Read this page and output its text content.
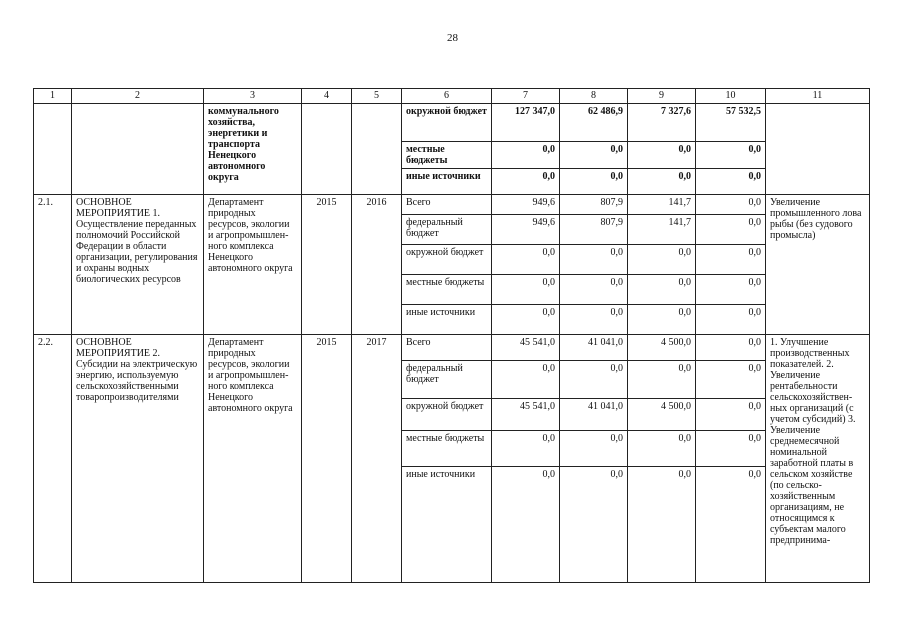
28
1	2	3	4	5	6	7	8	9	10	11
		коммунального хозяйства, энергетики и транспорта Ненецкого автономного округа			окружной бюджет	127 347,0	62 486,9	7 327,6	57 532,5	
					местные бюджеты	0,0	0,0	0,0	0,0	
					иные источники	0,0	0,0	0,0	0,0	
2.1.	ОСНОВНОЕ МЕРОПРИЯТИЕ 1. Осуществление переданных полномочий Российской Федерации в области организации, регулирования и охраны водных биологических ресурсов	Департамент природных ресурсов, экологии и агропромышлен-ного комплекса Ненецкого автономного округа	2015	2016	Всего	949,6	807,9	141,7	0,0	Увеличение промышленного лова рыбы (без судового промысла)
					федеральный бюджет	949,6	807,9	141,7	0,0	
					окружной бюджет	0,0	0,0	0,0	0,0	
					местные бюджеты	0,0	0,0	0,0	0,0	
					иные источники	0,0	0,0	0,0	0,0	
2.2.	ОСНОВНОЕ МЕРОПРИЯТИЕ 2. Субсидии на электрическую энергию, используемую сельскохозяйственными товаропроизводителями	Департамент природных ресурсов, экологии и агропромышлен-ного комплекса Ненецкого автономного округа	2015	2017	Всего	45 541,0	41 041,0	4 500,0	0,0	1. Улучшение производственных показателей. 2. Увеличение рентабельности сельскохозяйствен-ных организаций (с учетом субсидий) 3. Увеличение среднемесячной номинальной заработной платы в сельском хозяйстве (по сельско-хозяйственным организациям, не относящимся к субъектам малого предпринима-
					федеральный бюджет	0,0	0,0	0,0	0,0	
					окружной бюджет	45 541,0	41 041,0	4 500,0	0,0	
					местные бюджеты	0,0	0,0	0,0	0,0	
					иные источники	0,0	0,0	0,0	0,0	
